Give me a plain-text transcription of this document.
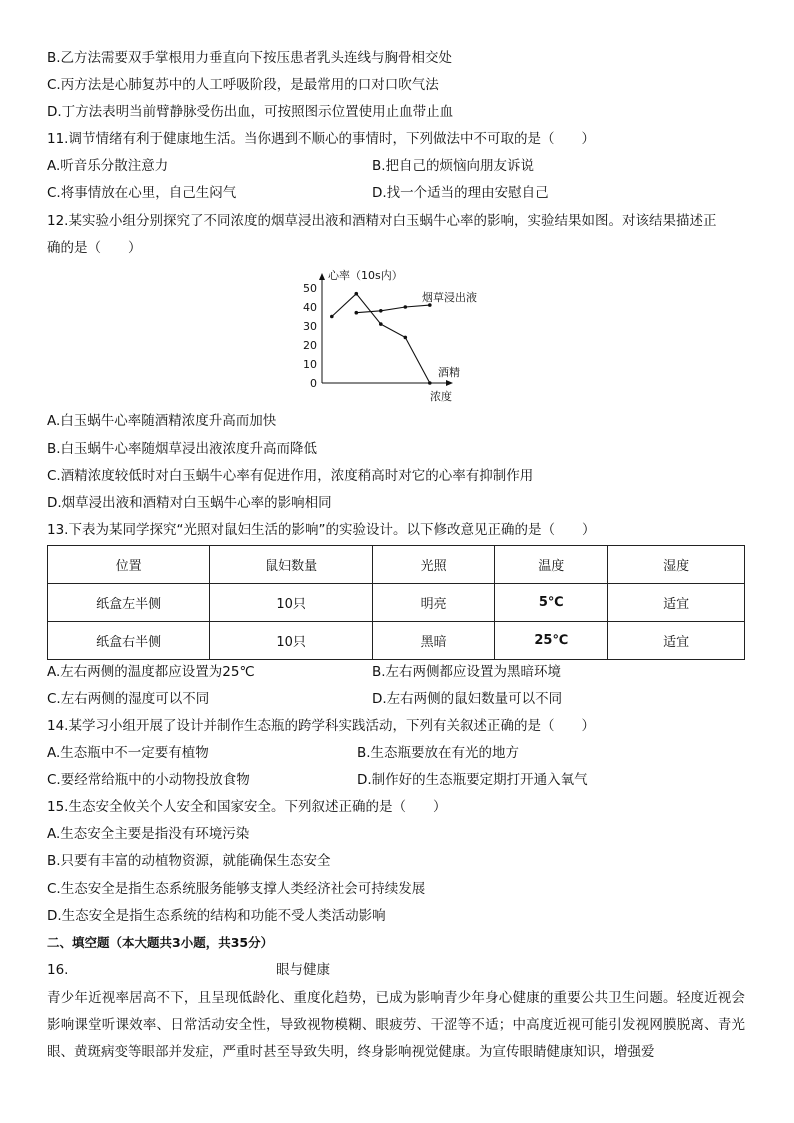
B.乙方法需要双手掌根用力垂直向下按压患者乳头连线与胸骨相交处
C.丙方法是心肺复苏中的人工呼吸阶段，是最常用的口对口吹气法
D.丁方法表明当前臂静脉受伤出血，可按照图示位置使用止血带止血
11.调节情绪有利于健康地生活。当你遇到不顺心的事情时，下列做法中不可取的是（　　）
A.听音乐分散注意力	B.把自己的烦恼向朋友诉说
C.将事情放在心里，自己生闷气	D.找一个适当的理由安慰自己
12.某实验小组分别探究了不同浓度的烟草浸出液和酒精对白玉蜗牛心率的影响，实验结果如图。对该结果描述正
确的是（　　）
50
40
30
20
10
0
心率（10s内）
浓度
烟草浸出液
酒精
A.白玉蜗牛心率随酒精浓度升高而加快
B.白玉蜗牛心率随烟草浸出液浓度升高而降低
C.酒精浓度较低时对白玉蜗牛心率有促进作用，浓度稍高时对它的心率有抑制作用
D.烟草浸出液和酒精对白玉蜗牛心率的影响相同
13.下表为某同学探究“光照对鼠妇生活的影响”的实验设计。以下修改意见正确的是（　　）
位置	鼠妇数量	光照	温度	湿度
纸盒左半侧	10只	明亮	5℃	适宜
纸盒右半侧	10只	黑暗	25℃	适宜
A.左右两侧的温度都应设置为25℃	B.左右两侧都应设置为黑暗环境
C.左右两侧的湿度可以不同	D.左右两侧的鼠妇数量可以不同
14.某学习小组开展了设计并制作生态瓶的跨学科实践活动，下列有关叙述正确的是（　　）
A.生态瓶中不一定要有植物	B.生态瓶要放在有光的地方
C.要经常给瓶中的小动物投放食物	D.制作好的生态瓶要定期打开通入氧气
15.生态安全攸关个人安全和国家安全。下列叙述正确的是（　　）
A.生态安全主要是指没有环境污染
B.只要有丰富的动植物资源，就能确保生态安全
C.生态安全是指生态系统服务能够支撑人类经济社会可持续发展
D.生态安全是指生态系统的结构和功能不受人类活动影响
二、填空题（本大题共3小题，共35分）
16.	眼与健康
青少年近视率居高不下，且呈现低龄化、重度化趋势，已成为影响青少年身心健康的重要公共卫生问题。轻度近视会影响课堂听课效率、日常活动安全性，导致视物模糊、眼疲劳、干涩等不适；中高度近视可能引发视网膜脱离、青光眼、黄斑病变等眼部并发症，严重时甚至导致失明，终身影响视觉健康。为宣传眼睛健康知识，增强爱
